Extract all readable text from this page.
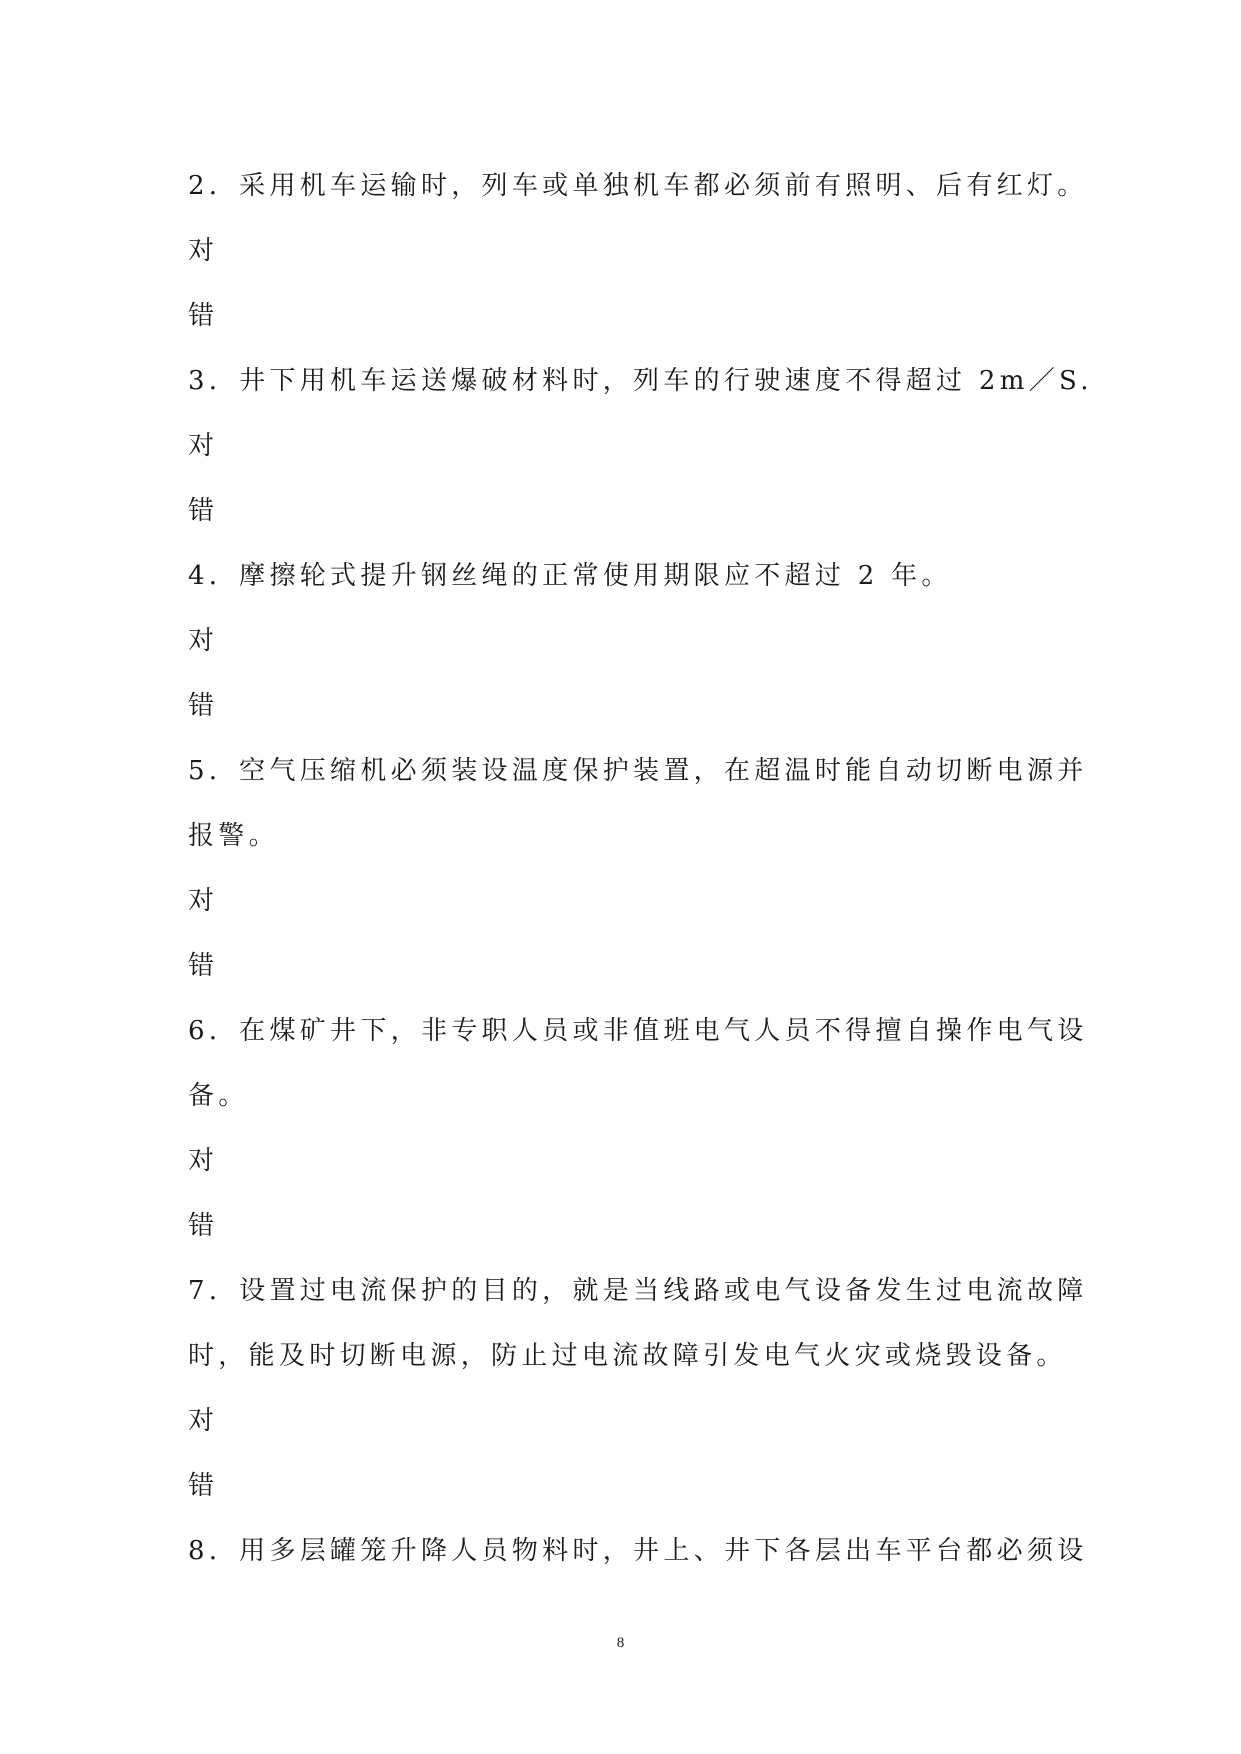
2．采用机车运输时，列车或单独机车都必须前有照明、后有红灯。
对
错
3．井下用机车运送爆破材料时，列车的行驶速度不得超过 2m／S.
对
错
4．摩擦轮式提升钢丝绳的正常使用期限应不超过 2 年。
对
错
5．空气压缩机必须装设温度保护装置，在超温时能自动切断电源并
报警。
对
错
6．在煤矿井下，非专职人员或非值班电气人员不得擅自操作电气设
备。
对
错
7．设置过电流保护的目的，就是当线路或电气设备发生过电流故障
时，能及时切断电源，防止过电流故障引发电气火灾或烧毁设备。
对
错
8．用多层罐笼升降人员物料时，井上、井下各层出车平台都必须设
8
